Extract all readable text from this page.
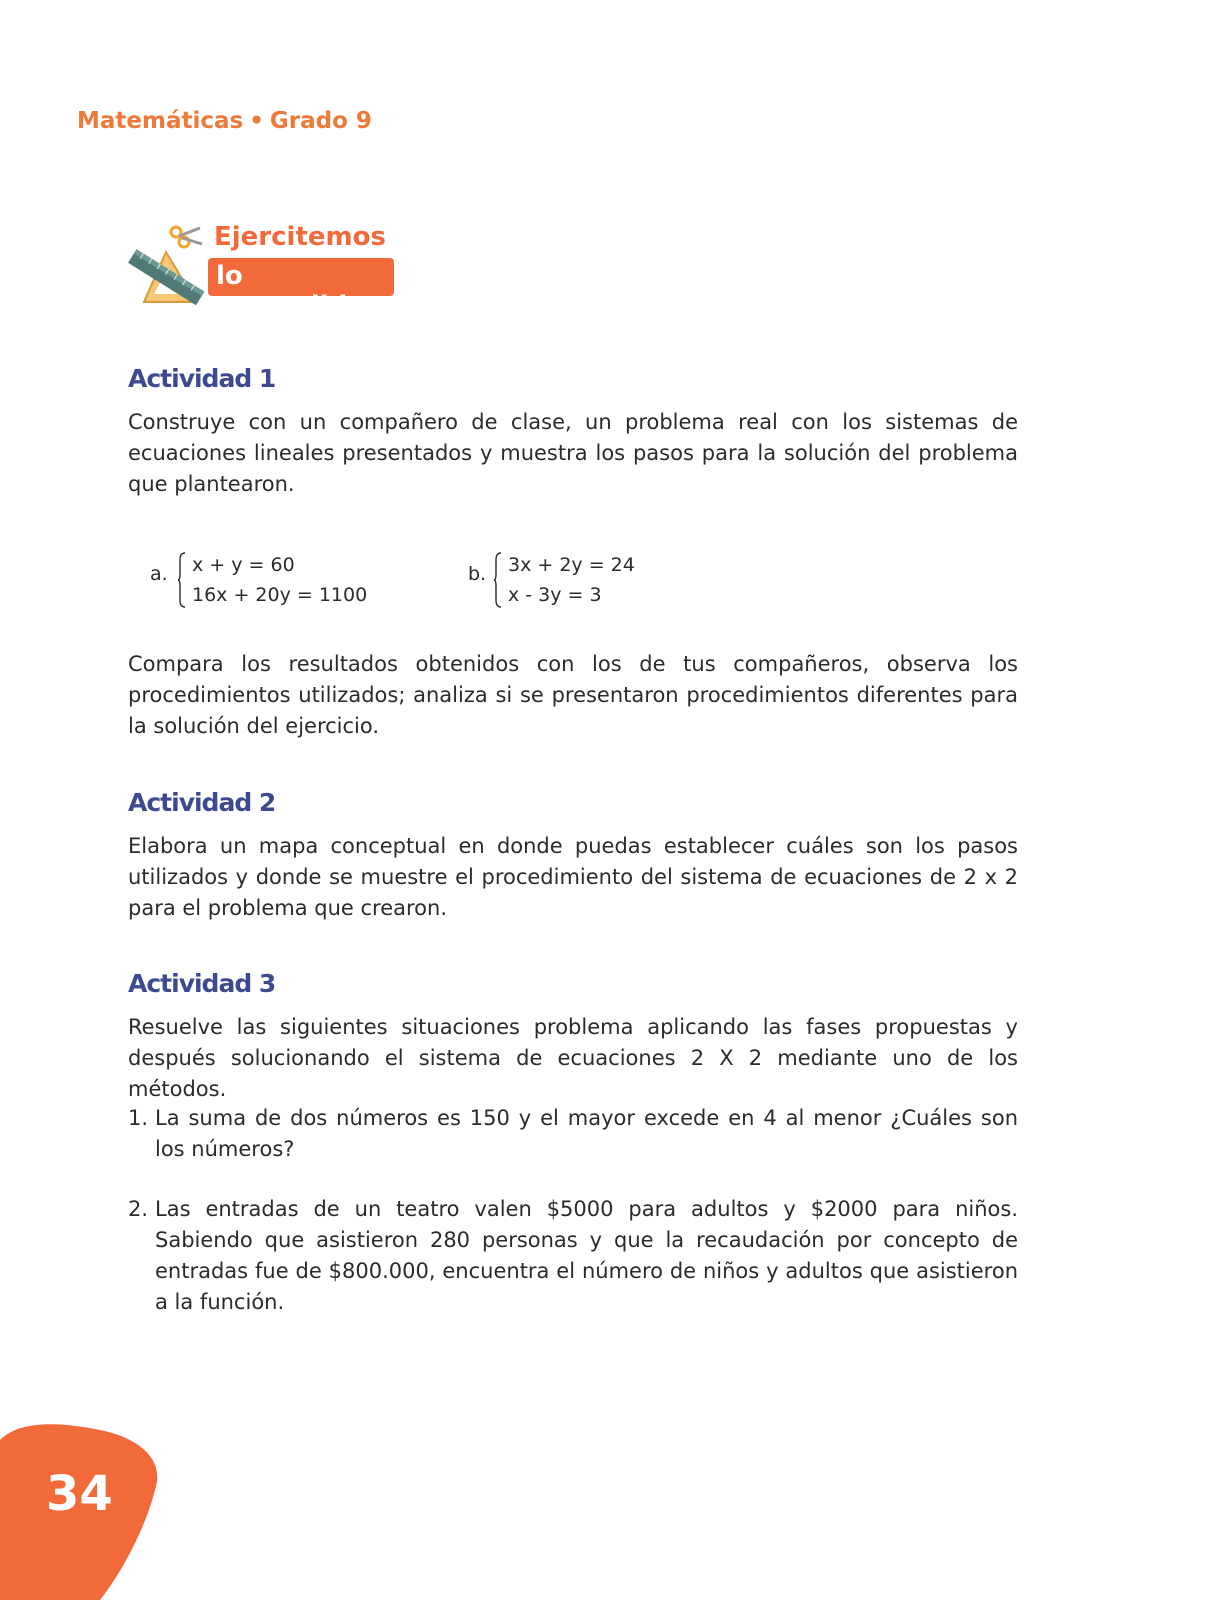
Matemáticas • Grado 9
Ejercitemos
lo aprendido
Actividad 1

Construye con un compañero de clase, un problema real con los sistemas de ecuaciones lineales presentados y muestra los pasos para la solución del problema que plantearon.

a. x + y = 60
16x + 20y = 1100
b. 3x + 2y = 24
x - 3y = 3

Compara los resultados obtenidos con los de tus compañeros, observa los procedimientos utilizados; analiza si se presentaron procedimientos diferentes para la solución del ejercicio.

Actividad 2

Elabora un mapa conceptual en donde puedas establecer cuáles son los pasos utilizados y donde se muestre el procedimiento del sistema de ecuaciones de 2 x 2 para el problema que crearon.

Actividad 3

Resuelve las siguientes situaciones problema aplicando las fases propuestas y después solucionando el sistema de ecuaciones 2 X 2 mediante uno de los métodos.

1. La suma de dos números es 150 y el mayor excede en 4 al menor ¿Cuáles son los números?

2. Las entradas de un teatro valen $5000 para adultos y $2000 para niños. Sabiendo que asistieron 280 personas y que la recaudación por concepto de entradas fue de $800.000, encuentra el número de niños y adultos que asistieron a la función.

34
